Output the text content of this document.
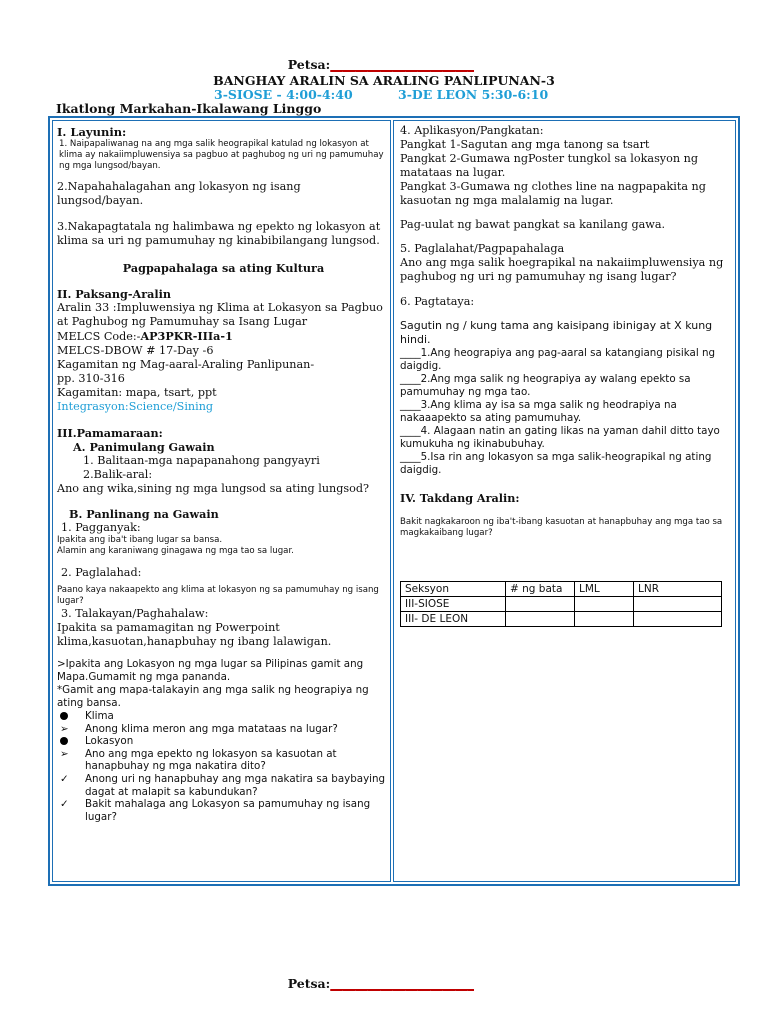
Petsa:_______________________
BANGHAY ARALIN SA ARALING PANLIPUNAN-3
3-SIOSE - 4:00-4:40	3-DE LEON 5:30-6:10
Ikatlong Markahan-Ikalawang Linggo

I. Layunin:

1. Naipapaliwanag na ang mga salik heograpikal katulad ng lokasyon at klima ay nakaiimpluwensiya sa pagbuo at paghubog ng uri ng pamumuhay ng mga lungsod/bayan.

2.Napahahalagahan ang lokasyon ng isang lungsod/bayan.

3.Nakapagtatala ng halimbawa ng epekto ng lokasyon at klima sa uri ng pamumuhay ng kinabibilangang lungsod.

Pagpapahalaga sa ating Kultura

II. Paksang-Aralin

Aralin 33 :Impluwensiya ng Klima at Lokasyon sa Pagbuo at Paghubog ng Pamumuhay sa Isang Lugar

MELCS Code:-AP3PKR-IIIa-1

MELCS-DBOW # 17-Day -6

Kagamitan ng Mag-aaral-Araling Panlipunan-

pp. 310-316

Kagamitan: mapa, tsart, ppt

Integrasyon:Science/Sining

III.Pamamaraan:

A. Panimulang Gawain

1. Balitaan-mga napapanahong pangyayri

2.Balik-aral:

Ano ang wika,sining ng mga lungsod sa ating lungsod?

B. Panlinang na Gawain

1. Pagganyak:

Ipakita ang iba't ibang lugar sa bansa.

Alamin ang karaniwang ginagawa ng mga tao sa lugar.

2. Paglalahad:

Paano kaya nakaapekto ang klima at lokasyon ng sa pamumuhay ng isang lugar?

3. Talakayan/Paghahalaw:

Ipakita sa pamamagitan ng Powerpoint klima,kasuotan,hanapbuhay ng ibang lalawigan.

>Ipakita ang Lokasyon ng mga lugar sa Pilipinas gamit ang Mapa.Gumamit ng mga pananda.

*Gamit ang mapa-talakayin ang mga salik ng heograpiya ng ating bansa.

Klima
➢ Anong klima meron ang mga matataas na lugar?
Lokasyon
➢ Ano ang mga epekto ng lokasyon sa kasuotan at hanapbuhay ng mga nakatira dito?
✓ Anong uri ng hanapbuhay ang mga nakatira sa baybaying dagat at malapit sa kabundukan?
✓ Bakit mahalaga ang Lokasyon sa pamumuhay ng isang lugar?

4. Aplikasyon/Pangkatan:

Pangkat 1-Sagutan ang mga tanong sa tsart

Pangkat 2-Gumawa ngPoster tungkol sa lokasyon ng matataas na lugar.

Pangkat 3-Gumawa ng clothes line na nagpapakita ng kasuotan ng mga malalamig na lugar.

Pag-uulat ng bawat pangkat sa kanilang gawa.

5. Paglalahat/Pagpapahalaga

Ano ang mga salik hoegrapikal na nakaiimpluwensiya ng paghubog ng uri ng pamumuhay ng isang lugar?

6. Pagtataya:

Sagutin ng / kung tama ang kaisipang ibinigay at X kung hindi.

____1.Ang heograpiya ang pag-aaral sa katangiang pisikal ng daigdig.

____2.Ang mga salik ng heograpiya ay walang epekto sa pamumuhay ng mga tao.

____3.Ang klima ay isa sa mga salik ng heodrapiya na nakaaapekto sa ating pamumuhay.

____4. Alagaan natin an gating likas na yaman dahil ditto tayo kumukuha ng ikinabubuhay.

____5.Isa rin ang lokasyon sa mga salik-heograpikal ng ating daigdig.

IV. Takdang Aralin:

Bakit nagkakaroon ng iba't-ibang kasuotan at hanapbuhay ang mga tao sa magkakaibang lugar?

Seksyon	# ng bata	LML	LNR
III-SIOSE			
III- DE LEON			
Petsa:_______________________
